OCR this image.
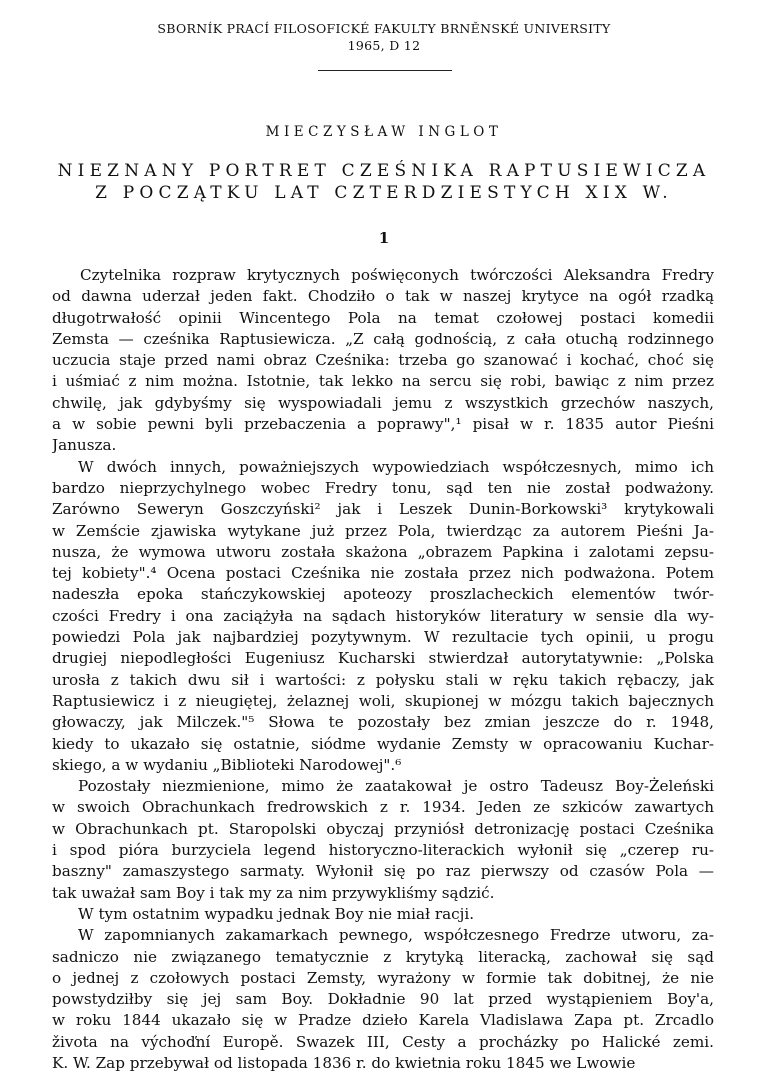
SBORNÍK PRACÍ FILOSOFICKÉ FAKULTY BRNĚNSKÉ UNIVERSITY
1965, D 12
MIECZYSŁAW INGLOT
NIEZNANY PORTRET CZEŚNIKA RAPTUSIEWICZA
Z POCZĄTKU LAT CZTERDZIESTYCH XIX W.
1
Czytelnika rozpraw krytycznych poświęconych twórczości Aleksandra Fredry
od dawna uderzał jeden fakt. Chodziło o tak w naszej krytyce na ogół rzadką
długotrwałość opinii Wincentego Pola na temat czołowej postaci komedii
Zemsta — cześnika Raptusiewicza. „Z całą godnością, z cała otuchą rodzinnego
uczucia staje przed nami obraz Cześnika: trzeba go szanować i kochać, choć się
i uśmiać z nim można. Istotnie, tak lekko na sercu się robi, bawiąc z nim przez
chwilę, jak gdybyśmy się wyspowiadali jemu z wszystkich grzechów naszych,
a w sobie pewni byli przebaczenia a poprawy",¹ pisał w r. 1835 autor Pieśni
Janusza.
W dwóch innych, poważniejszych wypowiedziach współczesnych, mimo ich
bardzo nieprzychylnego wobec Fredry tonu, sąd ten nie został podważony.
Zarówno Seweryn Goszczyński² jak i Leszek Dunin-Borkowski³ krytykowali
w Zemście zjawiska wytykane już przez Pola, twierdząc za autorem Pieśni Ja-
nusza, że wymowa utworu została skażona „obrazem Papkina i zalotami zepsu-
tej kobiety".⁴ Ocena postaci Cześnika nie została przez nich podważona. Potem
nadeszła epoka stańczykowskiej apoteozy proszlacheckich elementów twór-
czości Fredry i ona zaciążyła na sądach historyków literatury w sensie dla wy-
powiedzi Pola jak najbardziej pozytywnym. W rezultacie tych opinii, u progu
drugiej niepodległości Eugeniusz Kucharski stwierdzał autorytatywnie: „Polska
urosła z takich dwu sił i wartości: z połysku stali w ręku takich rębaczy, jak
Raptusiewicz i z nieugiętej, żelaznej woli, skupionej w mózgu takich bajecznych
głowaczy, jak Milczek."⁵ Słowa te pozostały bez zmian jeszcze do r. 1948,
kiedy to ukazało się ostatnie, siódme wydanie Zemsty w opracowaniu Kuchar-
skiego, a w wydaniu „Biblioteki Narodowej".⁶
Pozostały niezmienione, mimo że zaatakował je ostro Tadeusz Boy-Żeleński
w swoich Obrachunkach fredrowskich z r. 1934. Jeden ze szkiców zawartych
w Obrachunkach pt. Staropolski obyczaj przyniósł detronizację postaci Cześnika
i spod pióra burzyciela legend historyczno-literackich wyłonił się „czerep ru-
baszny" zamaszystego sarmaty. Wyłonił się po raz pierwszy od czasów Pola —
tak uważał sam Boy i tak my za nim przywykliśmy sądzić.
W tym ostatnim wypadku jednak Boy nie miał racji.
W zapomnianych zakamarkach pewnego, współczesnego Fredrze utworu, za-
sadniczo nie związanego tematycznie z krytyką literacką, zachował się sąd
o jednej z czołowych postaci Zemsty, wyrażony w formie tak dobitnej, że nie
powstydziłby się jej sam Boy. Dokładnie 90 lat przed wystąpieniem Boy'a,
w roku 1844 ukazało się w Pradze dzieło Karela Vladislawa Zapa pt. Zrcadlo
života na výchoďní Europě. Swazek III, Cesty a procházky po Halické zemi.
K. W. Zap przebywał od listopada 1836 r. do kwietnia roku 1845 we Lwowie
